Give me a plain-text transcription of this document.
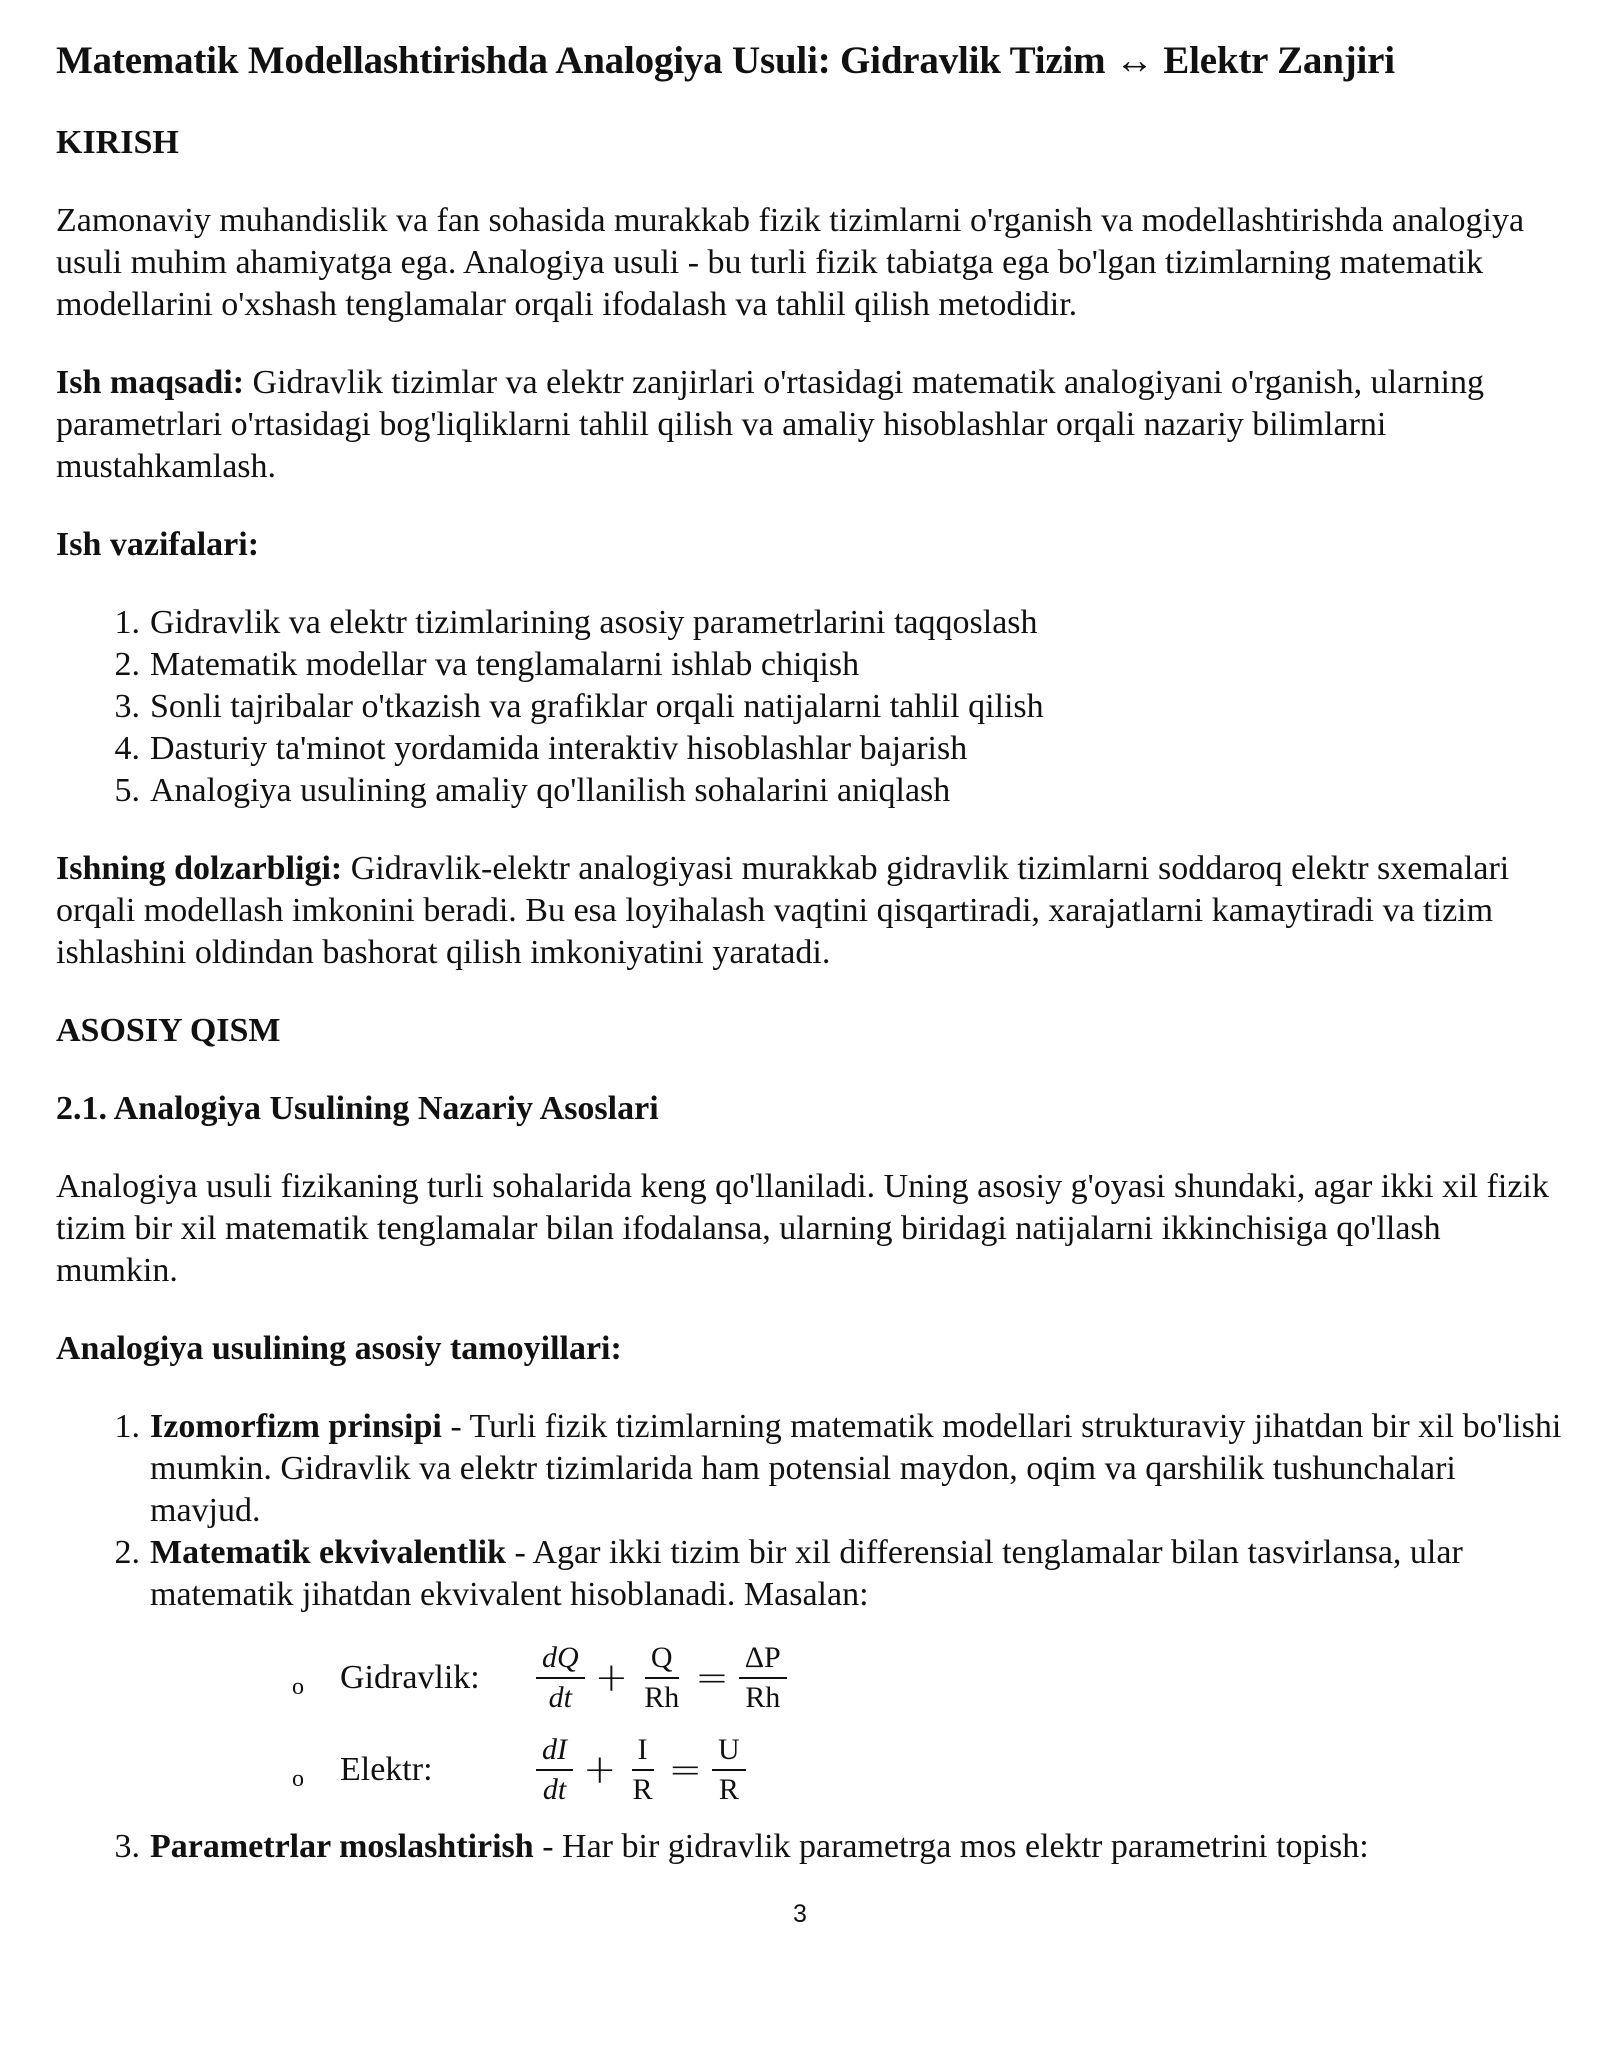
Matematik Modellashtirishda Analogiya Usuli: Gidravlik Tizim ↔ Elektr Zanjiri
KIRISH

Zamonaviy muhandislik va fan sohasida murakkab fizik tizimlarni o'rganish va modellashtirishda analogiya usuli muhim ahamiyatga ega. Analogiya usuli - bu turli fizik tabiatga ega bo'lgan tizimlarning matematik modellarini o'xshash tenglamalar orqali ifodalash va tahlil qilish metodidir.

Ish maqsadi: Gidravlik tizimlar va elektr zanjirlari o'rtasidagi matematik analogiyani o'rganish, ularning parametrlari o'rtasidagi bog'liqliklarni tahlil qilish va amaliy hisoblashlar orqali nazariy bilimlarni mustahkamlash.

Ish vazifalari:
1. Gidravlik va elektr tizimlarining asosiy parametrlarini taqqoslash
2. Matematik modellar va tenglamalarni ishlab chiqish
3. Sonli tajribalar o'tkazish va grafiklar orqali natijalarni tahlil qilish
4. Dasturiy ta'minot yordamida interaktiv hisoblashlar bajarish
5. Analogiya usulining amaliy qo'llanilish sohalarini aniqlash

Ishning dolzarbligi: Gidravlik-elektr analogiyasi murakkab gidravlik tizimlarni soddaroq elektr sxemalari orqali modellash imkonini beradi. Bu esa loyihalash vaqtini qisqartiradi, xarajatlarni kamaytiradi va tizim ishlashini oldindan bashorat qilish imkoniyatini yaratadi.

ASOSIY QISM
2.1. Analogiya Usulining Nazariy Asoslari

Analogiya usuli fizikaning turli sohalarida keng qo'llaniladi. Uning asosiy g'oyasi shundaki, agar ikki xil fizik tizim bir xil matematik tenglamalar bilan ifodalansa, ularning biridagi natijalarni ikkinchisiga qo'llash mumkin.

Analogiya usulining asosiy tamoyillari:
1. Izomorfizm prinsipi - Turli fizik tizimlarning matematik modellari strukturaviy jihatdan bir xil bo'lishi mumkin. Gidravlik va elektr tizimlarida ham potensial maydon, oqim va qarshilik tushunchalari mavjud.
2. Matematik ekvivalentlik - Agar ikki tizim bir xil differensial tenglamalar bilan tasvirlansa, ular matematik jihatdan ekvivalent hisoblanadi. Masalan:
o Gidravlik:	$\frac{dQ}{dt} + \frac{Q}{Rh} = \frac{\Delta P}{Rh}$
o Elektr:	$\frac{dI}{dt} + \frac{I}{R} = \frac{U}{R}$
3. Parametrlar moslashtirish - Har bir gidravlik parametrga mos elektr parametrini topish:
3
